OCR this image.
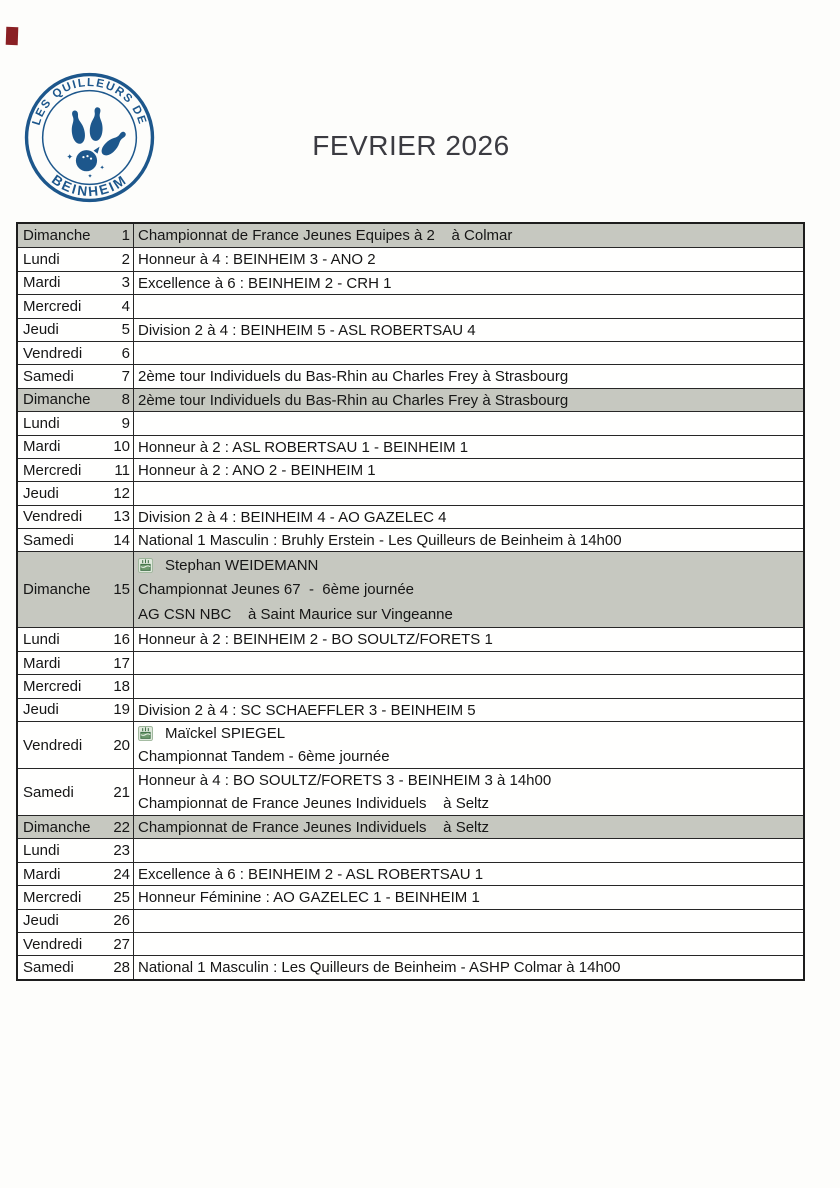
LES QUILLEURS DE
BEINHEIM
✦
✦
✦
FEVRIER 2026
Dimanche 1 Championnat de France Jeunes Equipes à 2    à Colmar
Lundi	2 Honneur à 4 : BEINHEIM 3 - ANO 2
Mardi	3 Excellence à 6 : BEINHEIM 2 - CRH 1
Mercredi	4
Jeudi	5 Division 2 à 4 : BEINHEIM 5 - ASL ROBERTSAU 4
Vendredi	6
Samedi	7 2ème tour Individuels du Bas-Rhin au Charles Frey à Strasbourg
Dimanche 8 2ème tour Individuels du Bas-Rhin au Charles Frey à Strasbourg
Lundi	9
Mardi	10 Honneur à 2 : ASL ROBERTSAU 1 - BEINHEIM 1
Mercredi 11 Honneur à 2 : ANO 2 - BEINHEIM 1
Jeudi	12
Vendredi 13 Division 2 à 4 : BEINHEIM 4 - AO GAZELEC 4
Samedi	14 National 1 Masculin : Bruhly Erstein - Les Quilleurs de Beinheim à 14h00
Dimanche 15
Stephan WEIDEMANN
Championnat Jeunes 67  -  6ème journée
AG CSN NBC    à Saint Maurice sur Vingeanne
Lundi	16 Honneur à 2 : BEINHEIM 2 - BO SOULTZ/FORETS 1
Mardi	17
Mercredi 18
Jeudi	19 Division 2 à 4 : SC SCHAEFFLER 3 - BEINHEIM 5
Vendredi 20
Maïckel SPIEGEL
Championnat Tandem - 6ème journée
Samedi	21
Honneur à 4 : BO SOULTZ/FORETS 3 - BEINHEIM 3 à 14h00
Championnat de France Jeunes Individuels    à Seltz
Dimanche 22 Championnat de France Jeunes Individuels    à Seltz
Lundi	23
Mardi	24 Excellence à 6 : BEINHEIM 2 - ASL ROBERTSAU 1
Mercredi 25 Honneur Féminine : AO GAZELEC 1 - BEINHEIM 1
Jeudi	26
Vendredi 27
Samedi	28 National 1 Masculin : Les Quilleurs de Beinheim - ASHP Colmar à 14h00
